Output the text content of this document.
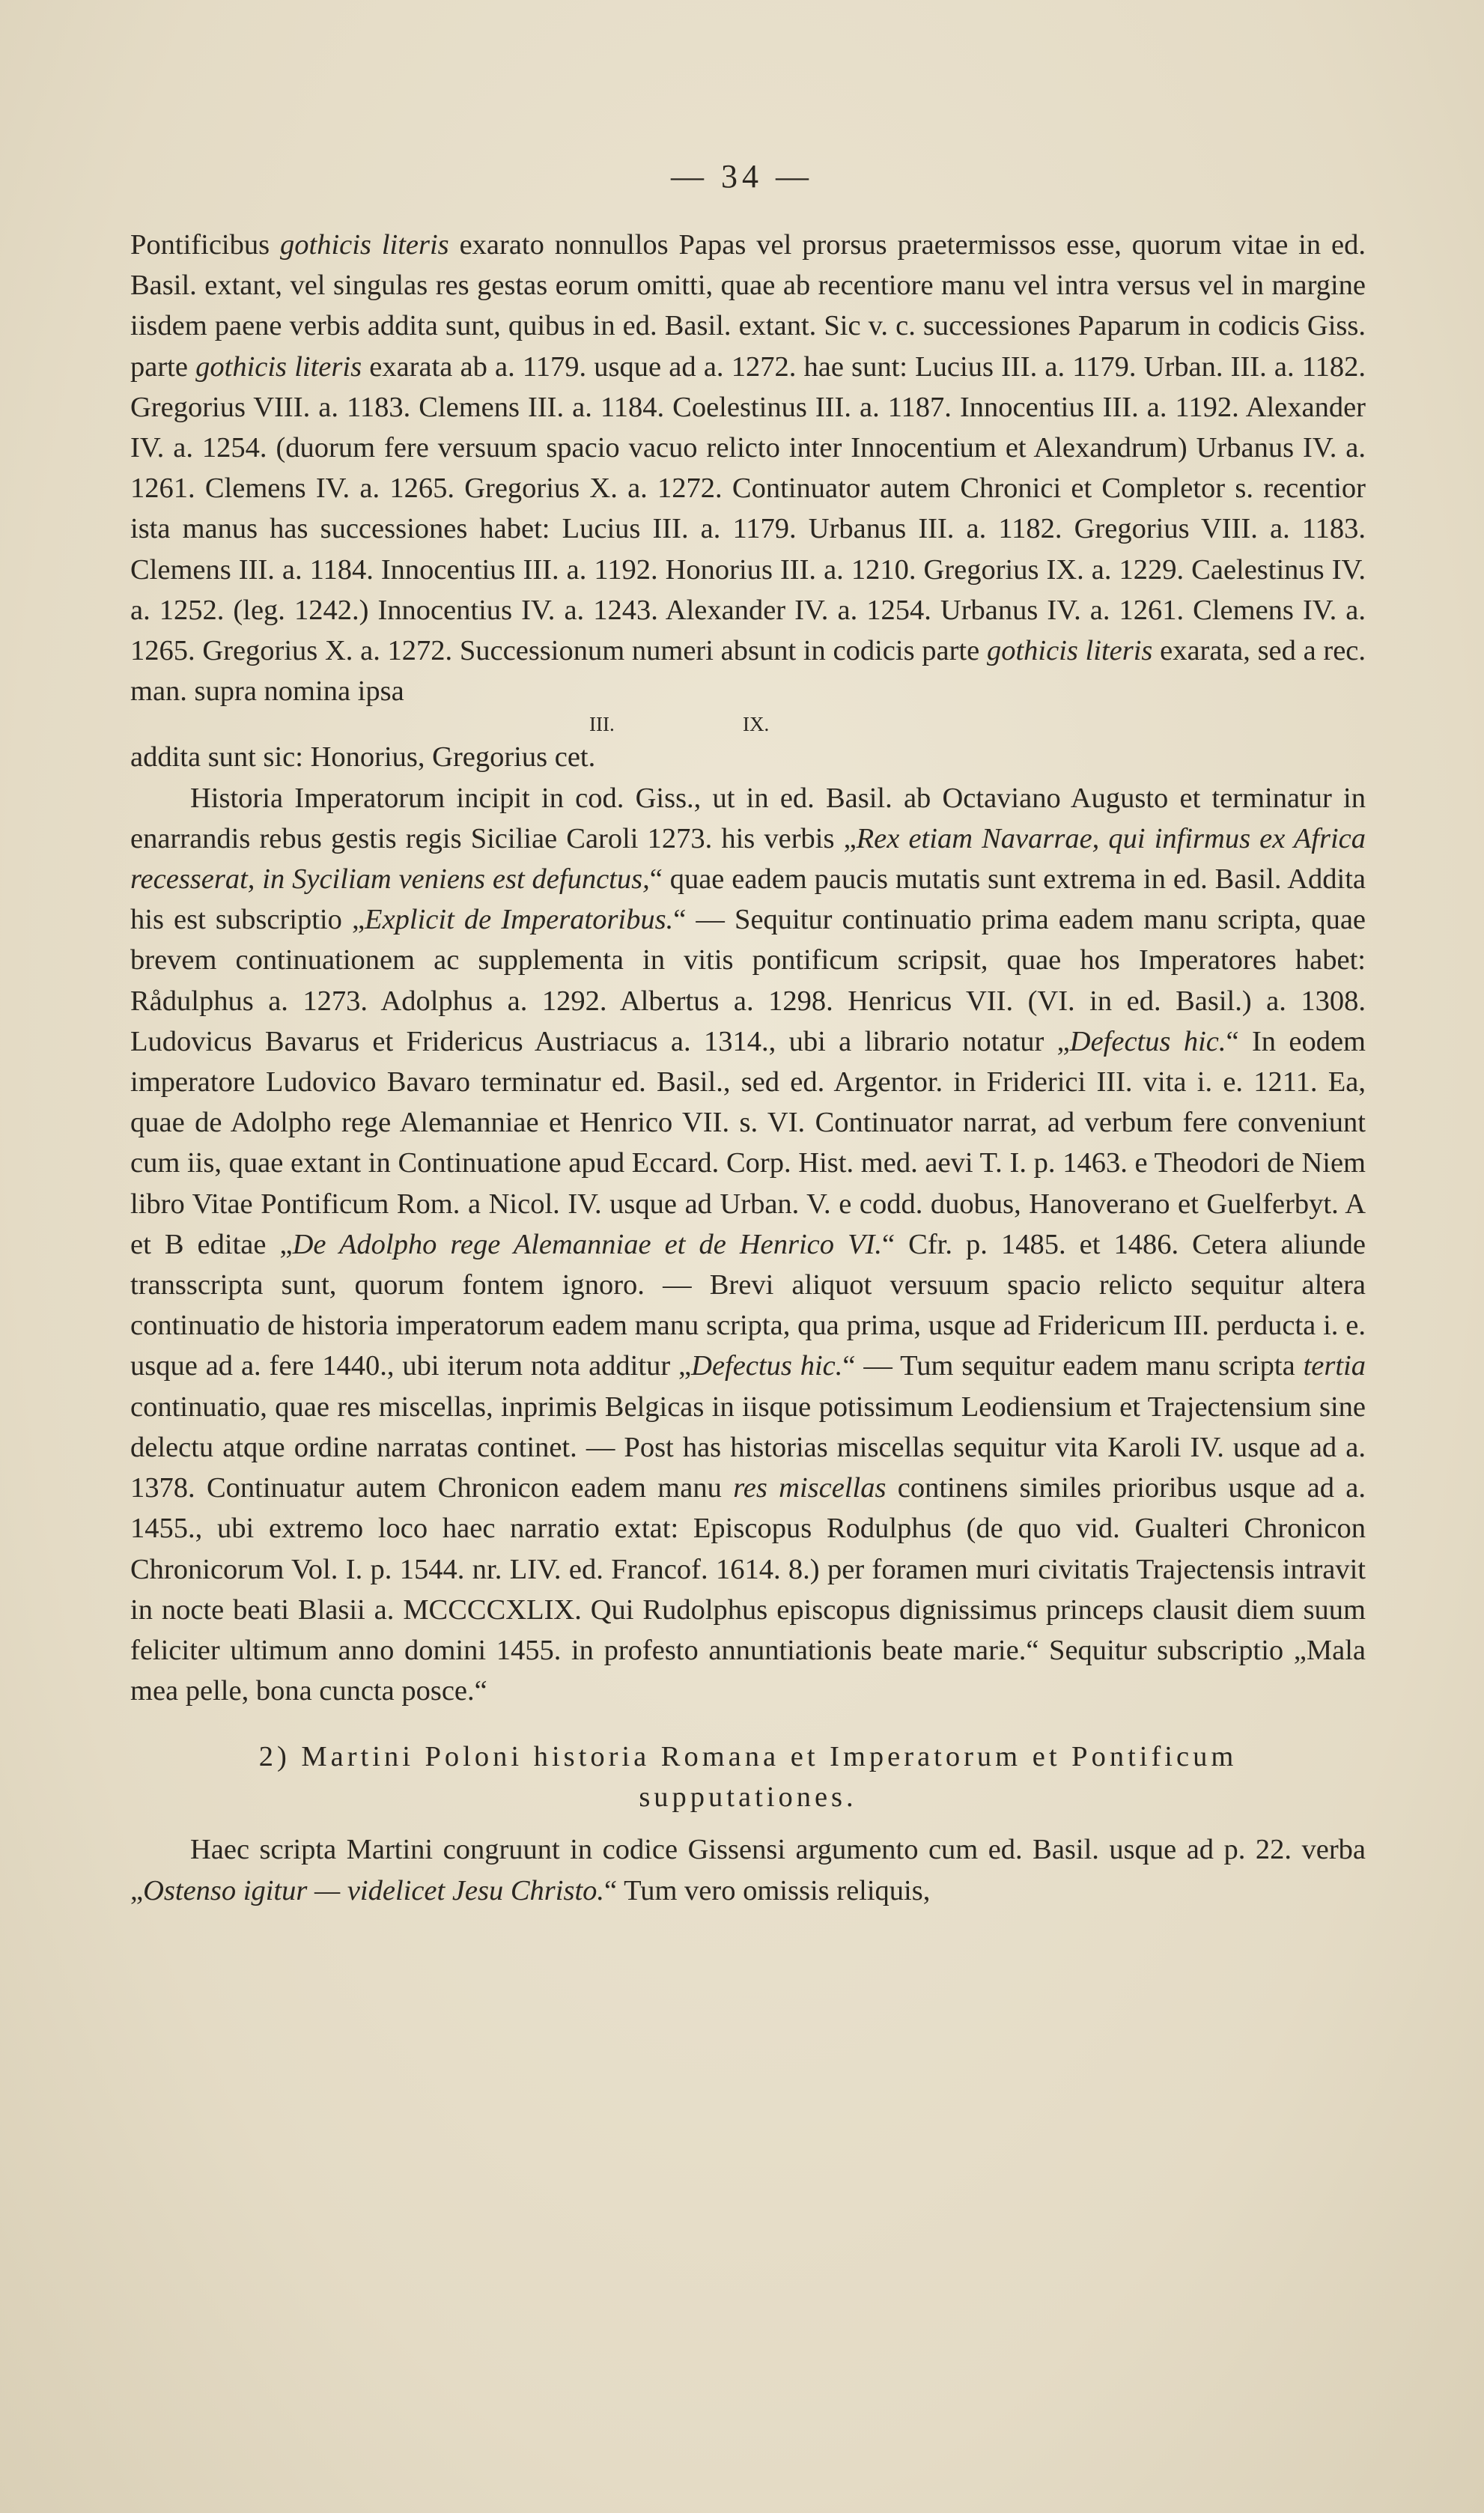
— 34 —

Pontificibus gothicis literis exarato nonnullos Papas vel prorsus praetermissos esse, quorum vitae in ed. Basil. extant, vel singulas res gestas eorum omitti, quae ab recentiore manu vel intra versus vel in margine iisdem paene verbis addita sunt, quibus in ed. Basil. extant. Sic v. c. successiones Paparum in codicis Giss. parte gothicis literis exarata ab a. 1179. usque ad a. 1272. hae sunt: Lucius III. a. 1179. Urban. III. a. 1182. Gregorius VIII. a. 1183. Clemens III. a. 1184. Coelestinus III. a. 1187. Innocentius III. a. 1192. Alexander IV. a. 1254. (duorum fere versuum spacio vacuo relicto inter Innocentium et Alexandrum) Urbanus IV. a. 1261. Clemens IV. a. 1265. Gregorius X. a. 1272. Continuator autem Chronici et Completor s. recentior ista manus has successiones habet: Lucius III. a. 1179. Urbanus III. a. 1182. Gregorius VIII. a. 1183. Clemens III. a. 1184. Innocentius III. a. 1192. Honorius III. a. 1210. Gregorius IX. a. 1229. Caelestinus IV. a. 1252. (leg. 1242.) Innocentius IV. a. 1243. Alexander IV. a. 1254. Urbanus IV. a. 1261. Clemens IV. a. 1265. Gregorius X. a. 1272. Successionum numeri absunt in codicis parte gothicis literis exarata, sed a rec. man. supra nomina ipsa

III.	IX.

addita sunt sic: Honorius, Gregorius cet.

Historia Imperatorum incipit in cod. Giss., ut in ed. Basil. ab Octaviano Augusto et terminatur in enarrandis rebus gestis regis Siciliae Caroli 1273. his verbis „Rex etiam Navarrae, qui infirmus ex Africa recesserat, in Syciliam veniens est defunctus,“ quae eadem paucis mutatis sunt extrema in ed. Basil. Addita his est subscriptio „Explicit de Imperatoribus.“ — Sequitur continuatio prima eadem manu scripta, quae brevem continuationem ac supplementa in vitis pontificum scripsit, quae hos Imperatores habet: Rådulphus a. 1273. Adolphus a. 1292. Albertus a. 1298. Henricus VII. (VI. in ed. Basil.) a. 1308. Ludovicus Bavarus et Fridericus Austriacus a. 1314., ubi a librario notatur „Defectus hic.“ In eodem imperatore Ludovico Bavaro terminatur ed. Basil., sed ed. Argentor. in Friderici III. vita i. e. 1211. Ea, quae de Adolpho rege Alemanniae et Henrico VII. s. VI. Continuator narrat, ad verbum fere conveniunt cum iis, quae extant in Continuatione apud Eccard. Corp. Hist. med. aevi T. I. p. 1463. e Theodori de Niem libro Vitae Pontificum Rom. a Nicol. IV. usque ad Urban. V. e codd. duobus, Hanoverano et Guelferbyt. A et B editae „De Adolpho rege Alemanniae et de Henrico VI.“ Cfr. p. 1485. et 1486. Cetera aliunde transscripta sunt, quorum fontem ignoro. — Brevi aliquot versuum spacio relicto sequitur altera continuatio de historia imperatorum eadem manu scripta, qua prima, usque ad Fridericum III. perducta i. e. usque ad a. fere 1440., ubi iterum nota additur „Defectus hic.“ — Tum sequitur eadem manu scripta tertia continuatio, quae res miscellas, inprimis Belgicas in iisque potissimum Leodiensium et Trajectensium sine delectu atque ordine narratas continet. — Post has historias miscellas sequitur vita Karoli IV. usque ad a. 1378. Continuatur autem Chronicon eadem manu res miscellas continens similes prioribus usque ad a. 1455., ubi extremo loco haec narratio extat: Episcopus Rodulphus (de quo vid. Gualteri Chronicon Chronicorum Vol. I. p. 1544. nr. LIV. ed. Francof. 1614. 8.) per foramen muri civitatis Trajectensis intravit in nocte beati Blasii a. MCCCCXLIX. Qui Rudolphus episcopus dignissimus princeps clausit diem suum feliciter ultimum anno domini 1455. in profesto annuntiationis beate marie.“ Sequitur subscriptio „Mala mea pelle, bona cuncta posce.“

2) Martini Poloni historia Romana et Imperatorum et Pontificum
supputationes.

Haec scripta Martini congruunt in codice Gissensi argumento cum ed. Basil. usque ad p. 22. verba „Ostenso igitur — videlicet Jesu Christo.“ Tum vero omissis reliquis,
